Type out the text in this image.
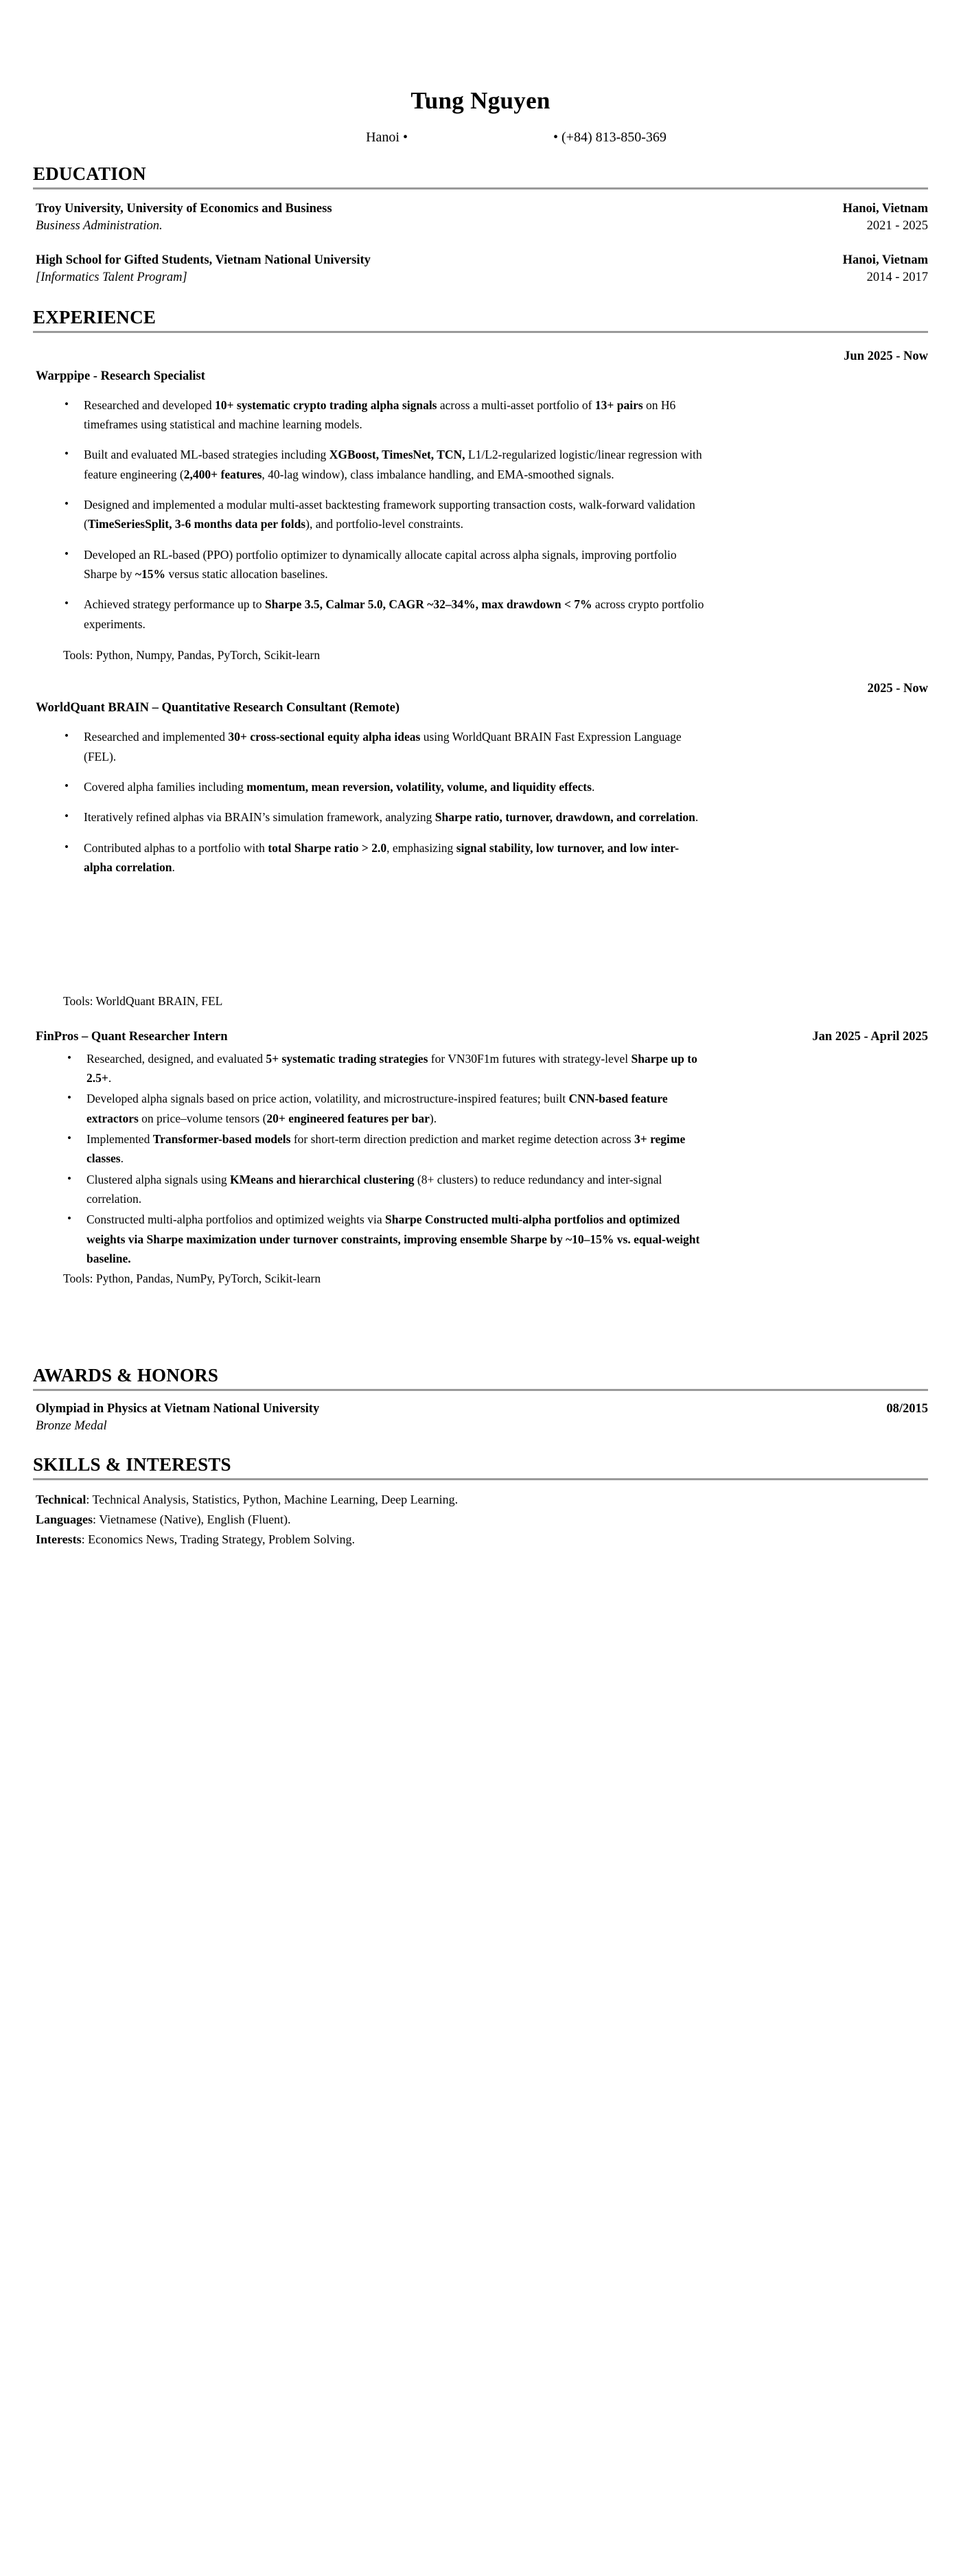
Tung Nguyen
Hanoi •	• (+84) 813-850-369
EDUCATION
Troy University, University of Economics and Business
Business Administration.
Hanoi, Vietnam
2021 - 2025
High School for Gifted Students, Vietnam National University
[Informatics Talent Program]
Hanoi, Vietnam
2014 - 2017
EXPERIENCE
Jun 2025 - Now
Warppipe - Research Specialist
• Researched and developed 10+ systematic crypto trading alpha signals across a multi-asset portfolio of 13+ pairs on H6 timeframes using statistical and machine learning models.
• Built and evaluated ML-based strategies including XGBoost, TimesNet, TCN, L1/L2-regularized logistic/linear regression with feature engineering (2,400+ features, 40-lag window), class imbalance handling, and EMA-smoothed signals.
• Designed and implemented a modular multi-asset backtesting framework supporting transaction costs, walk-forward validation (TimeSeriesSplit, 3-6 months data per folds), and portfolio-level constraints.
• Developed an RL-based (PPO) portfolio optimizer to dynamically allocate capital across alpha signals, improving portfolio Sharpe by ~15% versus static allocation baselines.
• Achieved strategy performance up to Sharpe 3.5, Calmar 5.0, CAGR ~32–34%, max drawdown < 7% across crypto portfolio experiments.
Tools: Python, Numpy, Pandas, PyTorch, Scikit-learn
2025 - Now
WorldQuant BRAIN – Quantitative Research Consultant (Remote)
• Researched and implemented 30+ cross-sectional equity alpha ideas using WorldQuant BRAIN Fast Expression Language (FEL).
• Covered alpha families including momentum, mean reversion, volatility, volume, and liquidity effects.
• Iteratively refined alphas via BRAIN’s simulation framework, analyzing Sharpe ratio, turnover, drawdown, and correlation.
• Contributed alphas to a portfolio with total Sharpe ratio > 2.0, emphasizing signal stability, low turnover, and low inter-alpha correlation.
Tools: WorldQuant BRAIN, FEL
FinPros – Quant Researcher Intern	Jan 2025 - April 2025
• Researched, designed, and evaluated 5+ systematic trading strategies for VN30F1m futures with strategy-level Sharpe up to 2.5+.
• Developed alpha signals based on price action, volatility, and microstructure-inspired features; built CNN-based feature extractors on price–volume tensors (20+ engineered features per bar).
• Implemented Transformer-based models for short-term direction prediction and market regime detection across 3+ regime classes.
• Clustered alpha signals using KMeans and hierarchical clustering (8+ clusters) to reduce redundancy and inter-signal correlation.
• Constructed multi-alpha portfolios and optimized weights via Sharpe Constructed multi-alpha portfolios and optimized weights via Sharpe maximization under turnover constraints, improving ensemble Sharpe by ~10–15% vs. equal-weight baseline.
Tools: Python, Pandas, NumPy, PyTorch, Scikit-learn
AWARDS & HONORS
Olympiad in Physics at Vietnam National University
Bronze Medal
08/2015
SKILLS & INTERESTS
Technical: Technical Analysis, Statistics, Python, Machine Learning, Deep Learning.
Languages: Vietnamese (Native), English (Fluent).
Interests: Economics News, Trading Strategy, Problem Solving.
